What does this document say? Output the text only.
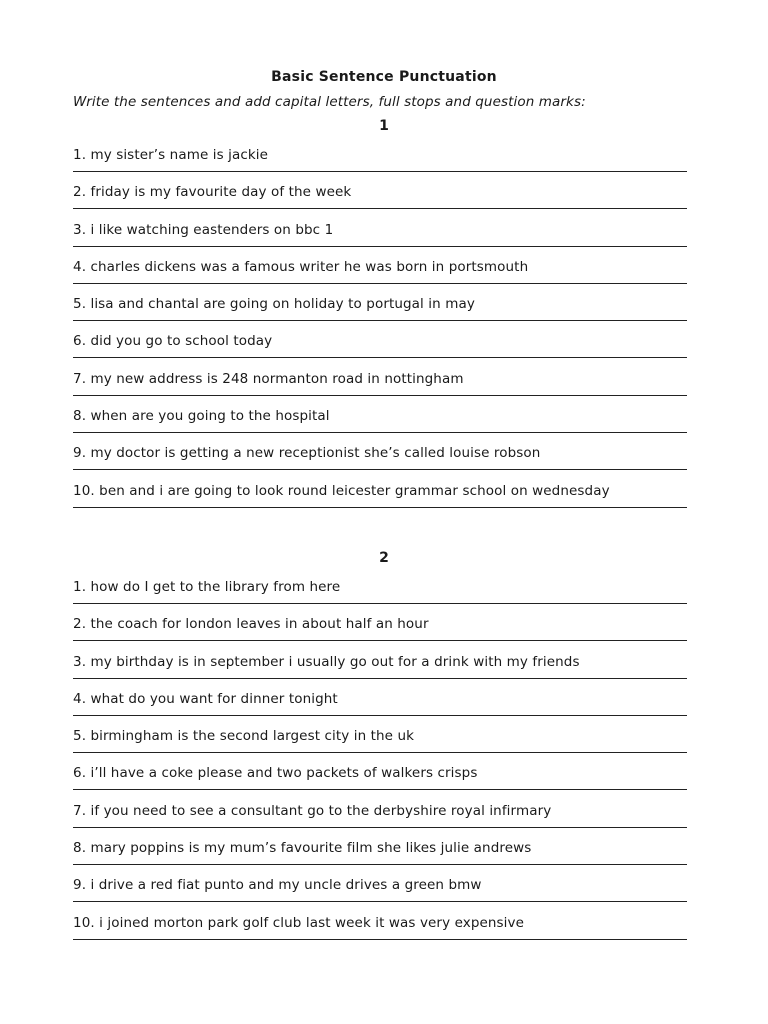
Basic Sentence Punctuation
Write the sentences and add capital letters, full stops and question marks:
1
1. my sister’s name is jackie
2. friday is my favourite day of the week
3. i like watching eastenders on bbc 1
4. charles dickens was a famous writer he was born in portsmouth
5. lisa and chantal are going on holiday to portugal in may
6. did you go to school today
7. my new address is 248 normanton road in nottingham
8. when are you going to the hospital
9. my doctor is getting a new receptionist she’s called louise robson
10. ben and i are going to look round leicester grammar school on wednesday
2
1. how do I get to the library from here
2. the coach for london leaves in about half an hour
3. my birthday is in september i usually go out for a drink with my friends
4. what do you want for dinner tonight
5. birmingham is the second largest city in the uk
6. i’ll have a coke please and two packets of walkers crisps
7. if you need to see a consultant go to the derbyshire royal infirmary
8. mary poppins is my mum’s favourite film she likes julie andrews
9. i drive a red fiat punto and my uncle drives a green bmw
10. i joined morton park golf club last week it was very expensive
